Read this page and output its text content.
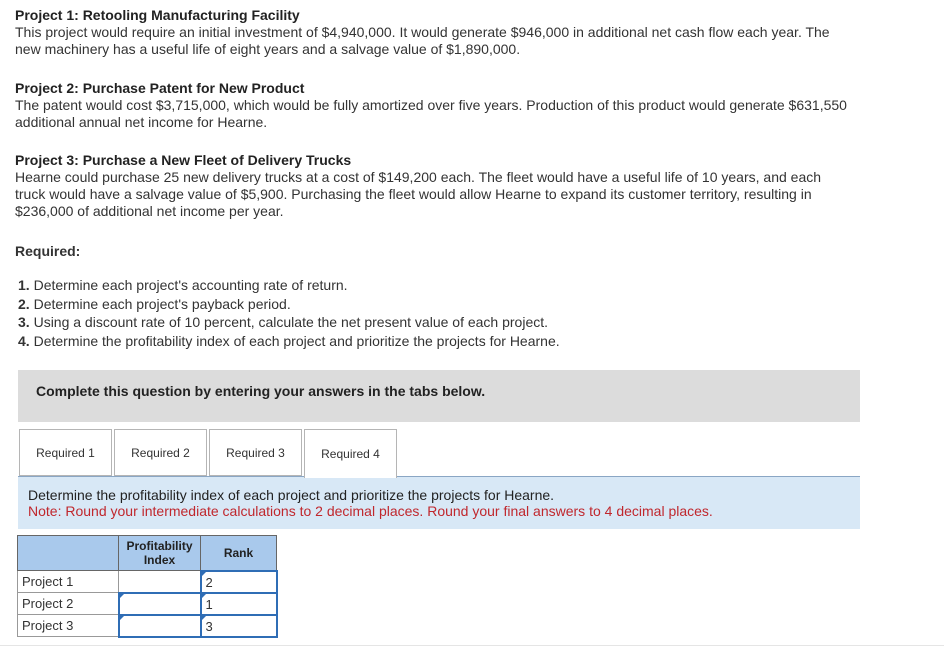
Project 1: Retooling Manufacturing Facility
This project would require an initial investment of $4,940,000. It would generate $946,000 in additional net cash flow each year. The
new machinery has a useful life of eight years and a salvage value of $1,890,000.
Project 2: Purchase Patent for New Product
The patent would cost $3,715,000, which would be fully amortized over five years. Production of this product would generate $631,550
additional annual net income for Hearne.
Project 3: Purchase a New Fleet of Delivery Trucks
Hearne could purchase 25 new delivery trucks at a cost of $149,200 each. The fleet would have a useful life of 10 years, and each
truck would have a salvage value of $5,900. Purchasing the fleet would allow Hearne to expand its customer territory, resulting in
$236,000 of additional net income per year.
Required:
1. Determine each project's accounting rate of return.
2. Determine each project's payback period.
3. Using a discount rate of 10 percent, calculate the net present value of each project.
4. Determine the profitability index of each project and prioritize the projects for Hearne.
Complete this question by entering your answers in the tabs below.
Required 1	Required 2	Required 3	Required 4
Determine the profitability index of each project and prioritize the projects for Hearne.
Note: Round your intermediate calculations to 2 decimal places. Round your final answers to 4 decimal places.
	Profitability Index	Rank
Project 1		2

Project 2		1

Project 3		3
